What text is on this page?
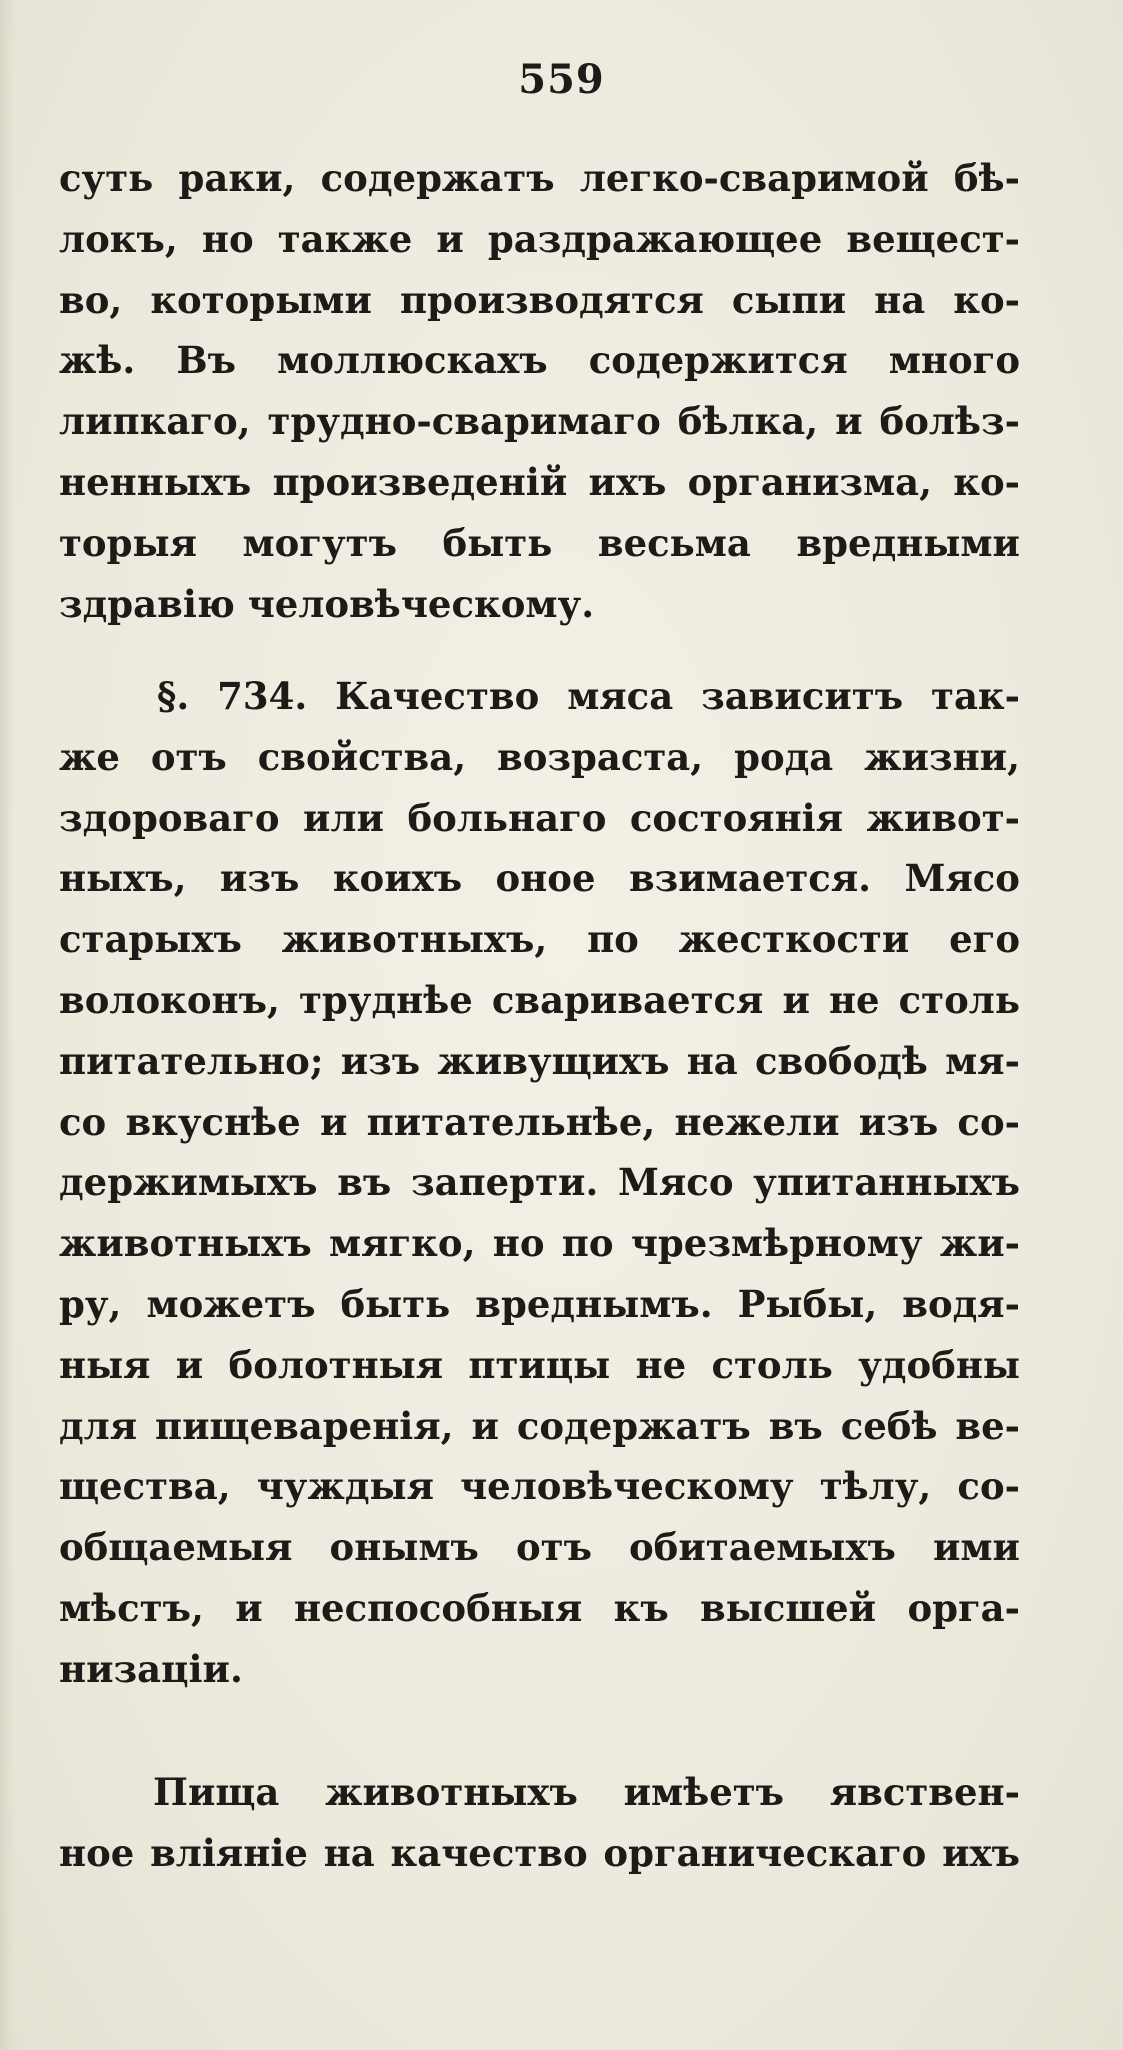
559
суть раки, содержатъ легко-сваримой бѣ-
локъ, но также и раздражающее вещест-
во, которыми производятся сыпи на ко-
жѣ. Въ моллюскахъ содержится много
липкаго, трудно-сваримаго бѣлка, и болѣз-
ненныхъ произведеній ихъ организма, ко-
торыя могутъ быть весьма вредными
здравію человѣческому.
§. 734. Качество мяса зависитъ так-
же отъ свойства, возраста, рода жизни,
здороваго или больнаго состоянія живот-
ныхъ, изъ коихъ оное взимается. Мясо
старыхъ животныхъ, по жесткости его
волоконъ, труднѣе сваривается и не столь
питательно; изъ живущихъ на свободѣ мя-
со вкуснѣе и питательнѣе, нежели изъ со-
держимыхъ въ заперти. Мясо упитанныхъ
животныхъ мягко, но по чрезмѣрному жи-
ру, можетъ быть вреднымъ. Рыбы, водя-
ныя и болотныя птицы не столь удобны
для пищеваренія, и содержатъ въ себѣ ве-
щества, чуждыя человѣческому тѣлу, со-
общаемыя онымъ отъ обитаемыхъ ими
мѣстъ, и неспособныя къ высшей орга-
низаціи.
Пища животныхъ имѣетъ явствен-
ное вліяніе на качество органическаго ихъ
